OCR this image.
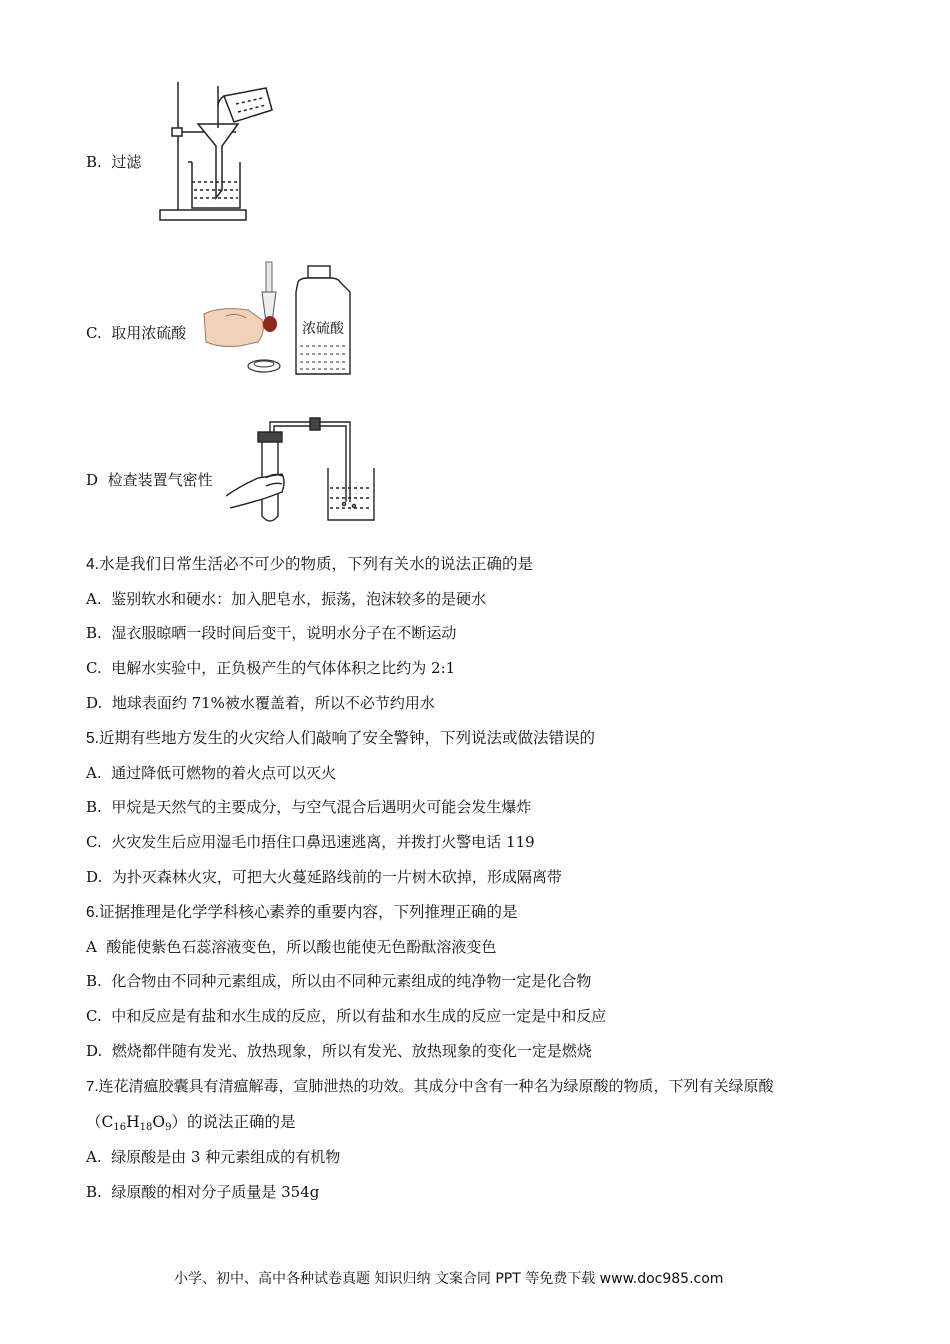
B. 过滤
C. 取用浓硫酸	浓硫酸
D 检查装置气密性
4.水是我们日常生活必不可少的物质，下列有关水的说法正确的是
A. 鉴别软水和硬水：加入肥皂水，振荡，泡沫较多的是硬水
B. 湿衣服晾晒一段时间后变干，说明水分子在不断运动
C. 电解水实验中，正负极产生的气体体积之比约为 2:1
D. 地球表面约 71%被水覆盖着，所以不必节约用水
5.近期有些地方发生的火灾给人们敲响了安全警钟，下列说法或做法错误的
A. 通过降低可燃物的着火点可以灭火
B. 甲烷是天然气的主要成分，与空气混合后遇明火可能会发生爆炸
C. 火灾发生后应用湿毛巾捂住口鼻迅速逃离，并拨打火警电话 119
D. 为扑灭森林火灾，可把大火蔓延路线前的一片树木砍掉，形成隔离带
6.证据推理是化学学科核心素养的重要内容，下列推理正确的是
A 酸能使紫色石蕊溶液变色，所以酸也能使无色酚酞溶液变色
B. 化合物由不同种元素组成，所以由不同种元素组成的纯净物一定是化合物
C. 中和反应是有盐和水生成的反应，所以有盐和水生成的反应一定是中和反应
D. 燃烧都伴随有发光、放热现象，所以有发光、放热现象的变化一定是燃烧
7.连花清瘟胶囊具有清瘟解毒，宣肺泄热的功效。其成分中含有一种名为绿原酸的物质，下列有关绿原酸
$(C_{16}H_{18}O_9)$的说法正确的是
A. 绿原酸是由 3 种元素组成的有机物
B. 绿原酸的相对分子质量是 354g
小学、初中、高中各种试卷真题 知识归纳 文案合同 PPT 等免费下载 www.doc985.com
